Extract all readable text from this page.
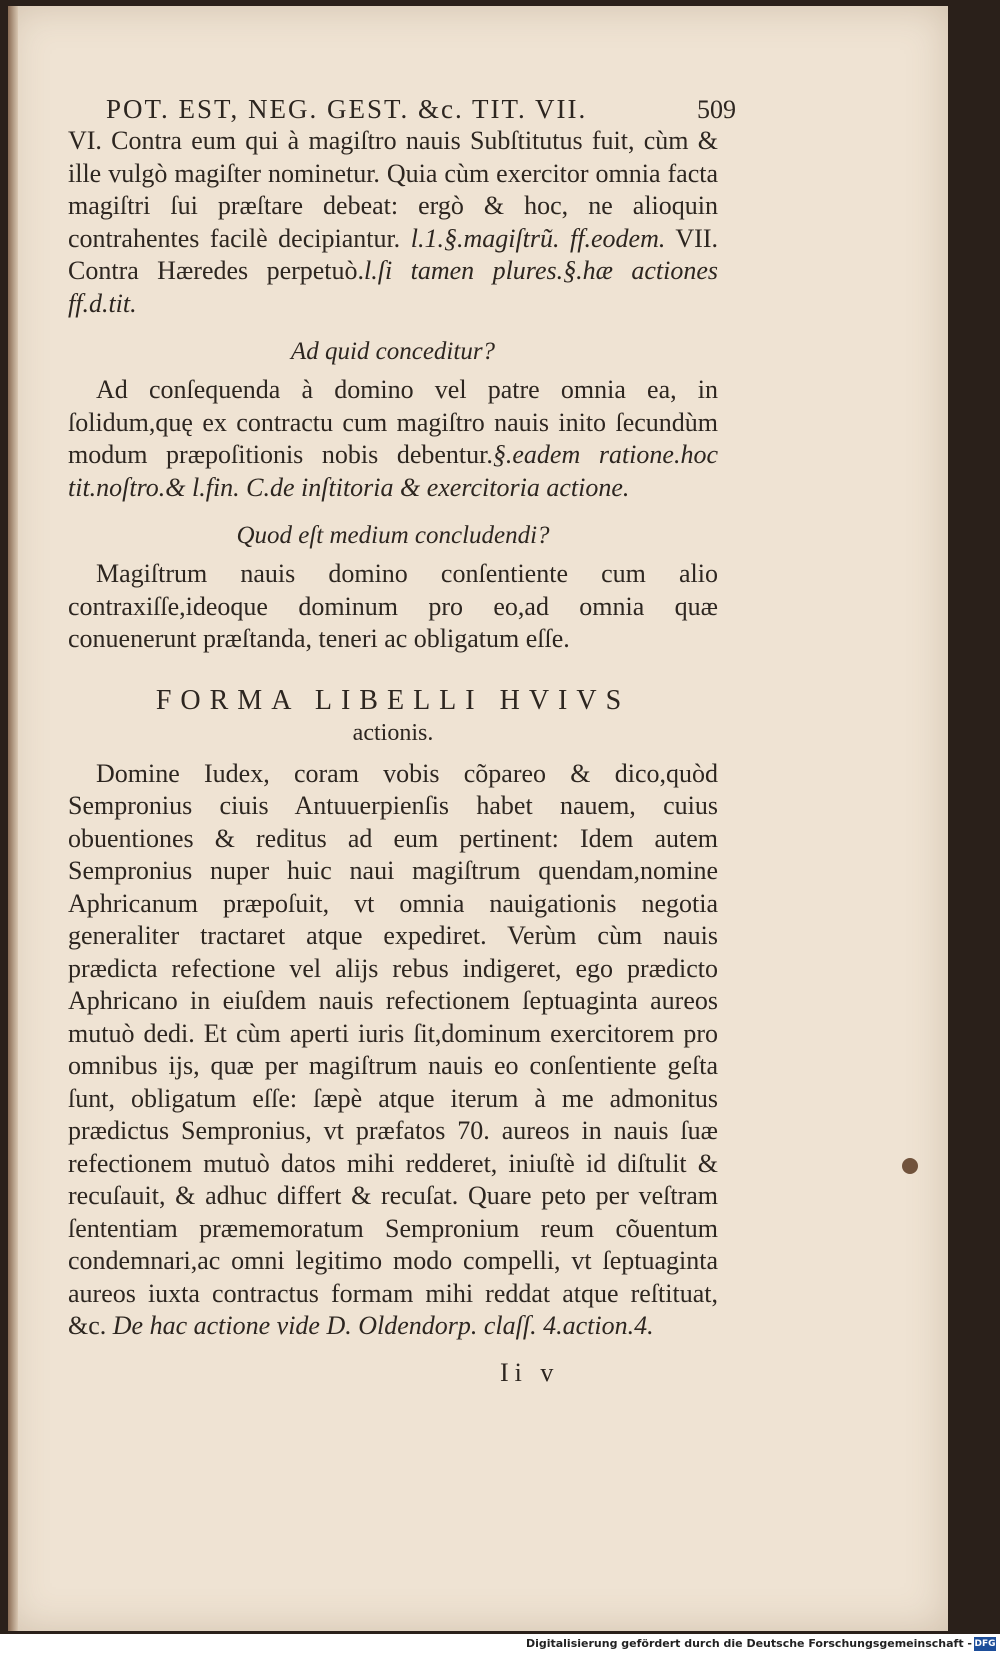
POT. EST, NEG. GEST. &c. TIT. VII.	509

VI. Contra eum qui à magiſtro nauis Subſtitutus fuit, cùm & ille vulgò magiſter nominetur. Quia cùm exercitor omnia facta magiſtri ſui præſtare debeat: ergò & hoc, ne alioquin contrahentes facilè decipiantur. l.1.§.magiſtrũ. ff.eodem. VII. Contra Hæredes perpetuò.l.ſi tamen plures.§.hæ actiones ff.d.tit.

Ad quid conceditur?

Ad conſequenda à domino vel patre omnia ea, in ſolidum,quę ex contractu cum magiſtro nauis inito ſecundùm modum præpoſitionis nobis debentur.§.eadem ratione.hoc tit.noſtro.& l.fin. C.de inſtitoria & exercitoria actione.

Quod eſt medium concludendi?

Magiſtrum nauis domino conſentiente cum alio contraxiſſe,ideoque dominum pro eo,ad omnia quæ conuenerunt præſtanda, teneri ac obligatum eſſe.

FORMA LIBELLI HVIVS
actionis.

Domine Iudex, coram vobis cõpareo & dico,quòd Sempronius ciuis Antuuerpienſis habet nauem, cuius obuentiones & reditus ad eum pertinent: Idem autem Sempronius nuper huic naui magiſtrum quendam,nomine Aphricanum præpoſuit, vt omnia nauigationis negotia generaliter tractaret atque expediret. Verùm cùm nauis prædicta refectione vel alijs rebus indigeret, ego prædicto Aphricano in eiuſdem nauis refectionem ſeptuaginta aureos mutuò dedi. Et cùm aperti iuris ſit,dominum exercitorem pro omnibus ijs, quæ per magiſtrum nauis eo conſentiente geſta ſunt, obligatum eſſe: ſæpè atque iterum à me admonitus prædictus Sempronius, vt præfatos 70. aureos in nauis ſuæ refectionem mutuò datos mihi redderet, iniuſtè id diſtulit & recuſauit, & adhuc differt & recuſat. Quare peto per veſtram ſententiam præmemoratum Sempronium reum cõuentum condemnari,ac omni legitimo modo compelli, vt ſeptuaginta aureos iuxta contractus formam mihi reddat atque reſtituat, &c. De hac actione vide D. Oldendorp. claſſ. 4.action.4.

Ii v
Digitalisierung gefördert durch die Deutsche Forschungsgemeinschaft - DFG
